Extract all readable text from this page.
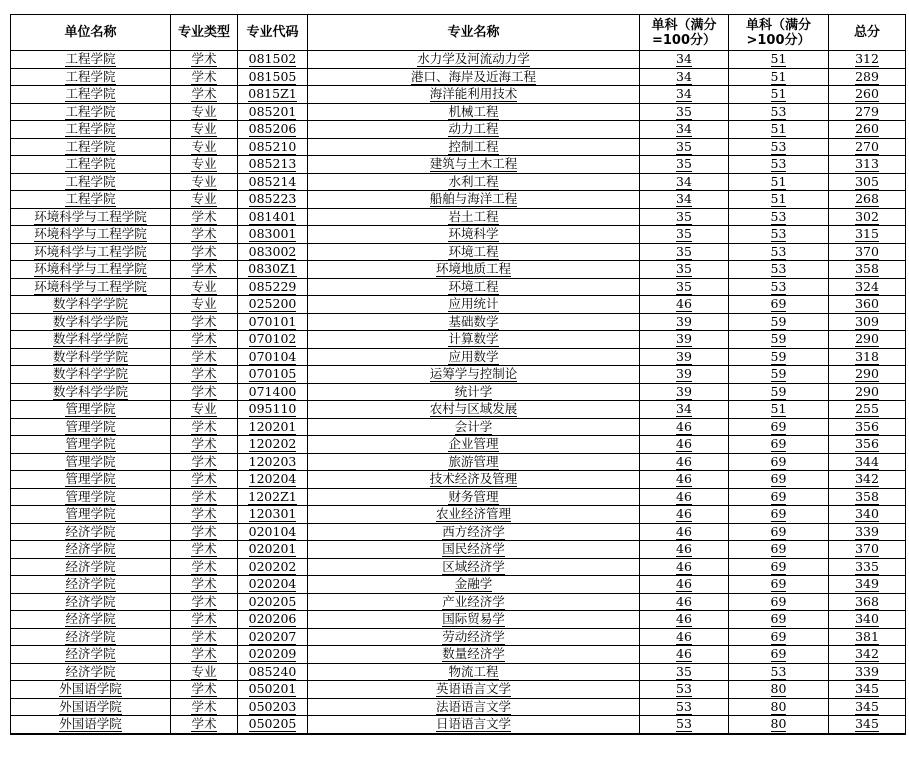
单位名称	专业类型	专业代码	专业名称	单科（满分=100分）	单科（满分>100分）	总分
工程学院	学术	081502	水力学及河流动力学	34	51	312
工程学院	学术	081505	港口、海岸及近海工程	34	51	289
工程学院	学术	0815Z1	海洋能利用技术	34	51	260
工程学院	专业	085201	机械工程	35	53	279
工程学院	专业	085206	动力工程	34	51	260
工程学院	专业	085210	控制工程	35	53	270
工程学院	专业	085213	建筑与土木工程	35	53	313
工程学院	专业	085214	水利工程	34	51	305
工程学院	专业	085223	船舶与海洋工程	34	51	268
环境科学与工程学院	学术	081401	岩土工程	35	53	302
环境科学与工程学院	学术	083001	环境科学	35	53	315
环境科学与工程学院	学术	083002	环境工程	35	53	370
环境科学与工程学院	学术	0830Z1	环境地质工程	35	53	358
环境科学与工程学院	专业	085229	环境工程	35	53	324
数学科学学院	专业	025200	应用统计	46	69	360
数学科学学院	学术	070101	基础数学	39	59	309
数学科学学院	学术	070102	计算数学	39	59	290
数学科学学院	学术	070104	应用数学	39	59	318
数学科学学院	学术	070105	运筹学与控制论	39	59	290
数学科学学院	学术	071400	统计学	39	59	290
管理学院	专业	095110	农村与区域发展	34	51	255
管理学院	学术	120201	会计学	46	69	356
管理学院	学术	120202	企业管理	46	69	356
管理学院	学术	120203	旅游管理	46	69	344
管理学院	学术	120204	技术经济及管理	46	69	342
管理学院	学术	1202Z1	财务管理	46	69	358
管理学院	学术	120301	农业经济管理	46	69	340
经济学院	学术	020104	西方经济学	46	69	339
经济学院	学术	020201	国民经济学	46	69	370
经济学院	学术	020202	区域经济学	46	69	335
经济学院	学术	020204	金融学	46	69	349
经济学院	学术	020205	产业经济学	46	69	368
经济学院	学术	020206	国际贸易学	46	69	340
经济学院	学术	020207	劳动经济学	46	69	381
经济学院	学术	020209	数量经济学	46	69	342
经济学院	专业	085240	物流工程	35	53	339
外国语学院	学术	050201	英语语言文学	53	80	345
外国语学院	学术	050203	法语语言文学	53	80	345
外国语学院	学术	050205	日语语言文学	53	80	345
